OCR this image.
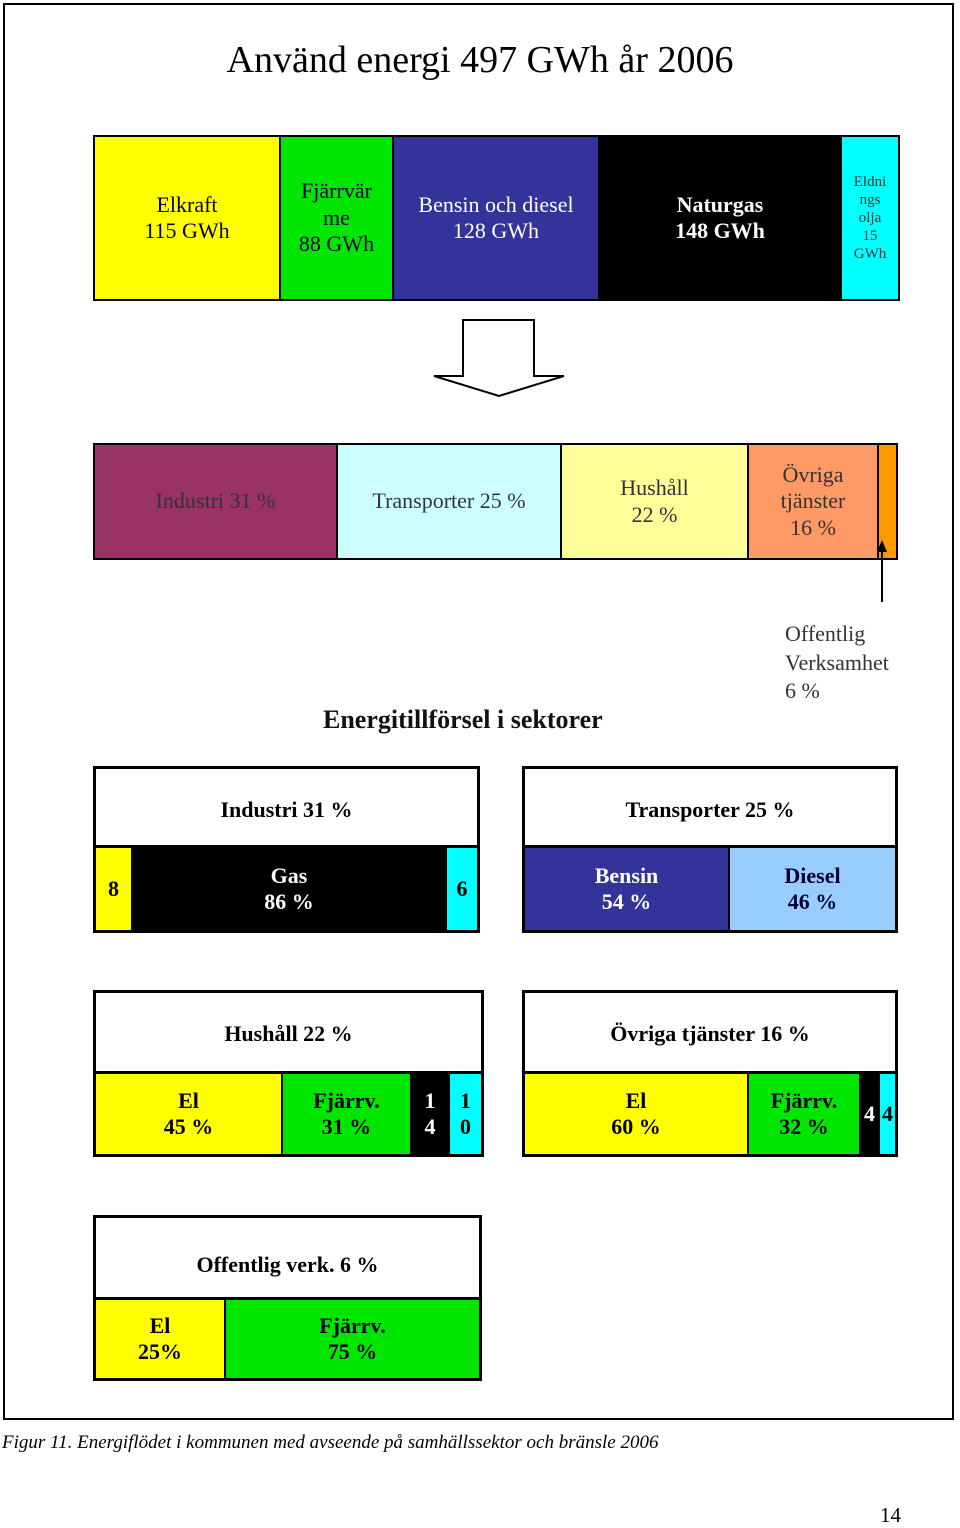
Använd energi 497 GWh år 2006
Elkraft
115 GWh
Fjärrvär
me
88 GWh
Bensin och diesel
128 GWh
Naturgas
148 GWh
Eldni
ngs
olja
15
GWh
Industri 31 %	Transporter 25 %
Hushåll
22 %
Övriga
tjänster
16 %
Offentlig
Verksamhet
6 %
Energitillförsel i sektorer
Industri 31 %
8
Gas
86 %
6
Transporter 25 %
Bensin
54 %
Diesel
46 %
Hushåll 22 %
El
45 %
Fjärrv.
31 %
1
4
1
0
Övriga tjänster 16 %
El
60 %
Fjärrv.
32 %
4 4
Offentlig verk. 6 %
El
25%
Fjärrv.
75 %
Figur 11. Energiflödet i kommunen med avseende på samhällssektor och bränsle 2006
14
